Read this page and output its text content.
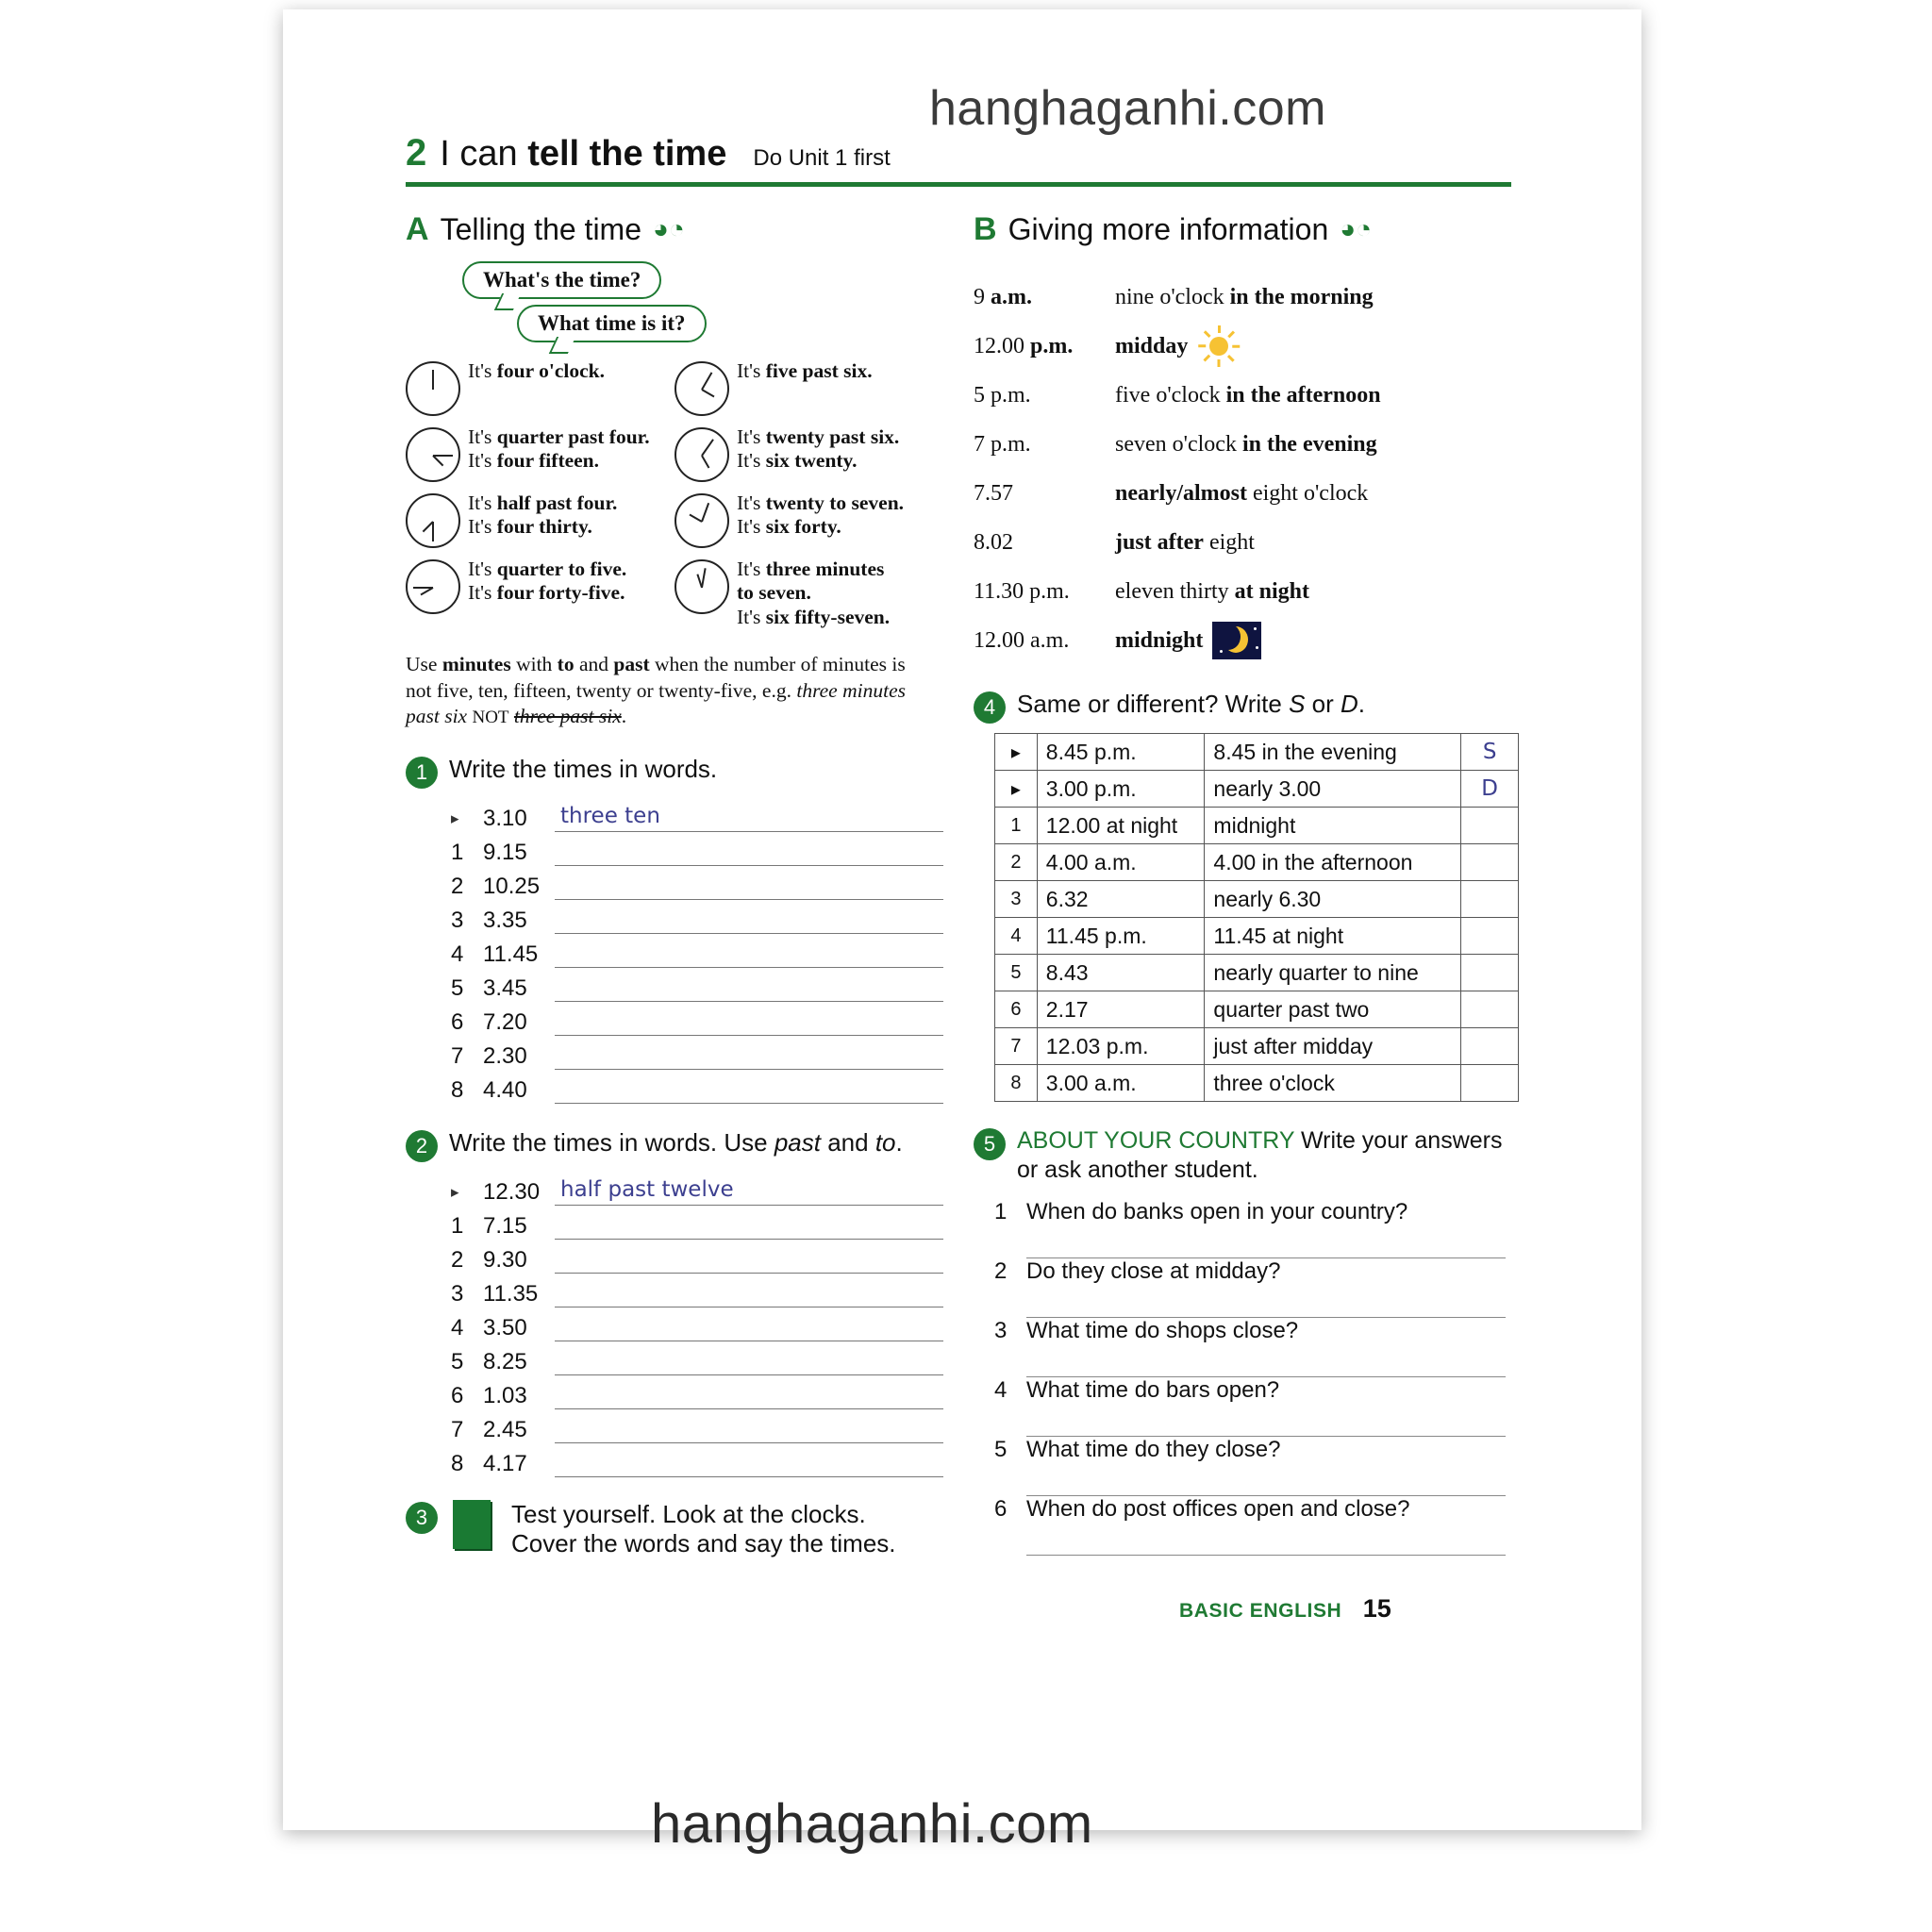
hanghaganhi.com
hanghaganhi.com
2 I can tell the time Do Unit 1 first
A Telling the time ◕◔
What's the time?
What time is it?
It's four o'clock.
It's quarter past four.
It's four fifteen.
It's half past four.
It's four thirty.
It's quarter to five.
It's four forty-five.
It's five past six.
It's twenty past six.
It's six twenty.
It's twenty to seven.
It's six forty.
It's three minutes
to seven.
It's six fifty-seven.
Use minutes with to and past when the number of minutes is not five, ten, fifteen, twenty or twenty-five, e.g. three minutes past six NOT three past six.
1 Write the times in words.
▸	3.10	three ten
1 9.15
2 10.25
3 3.35
4 11.45
5 3.45
6 7.20
7 2.30
8 4.40
2 Write the times in words. Use past and to.
▸	12.30 half past twelve
1 7.15
2 9.30
3 11.35
4 3.50
5 8.25
6 1.03
7 2.45
8 4.17
3	Test yourself. Look at the clocks.
Cover the words and say the times.
B Giving more information ◕◔
9 a.m.	nine o'clock in the morning
12.00 p.m.	midday
5 p.m.	five o'clock in the afternoon
7 p.m.	seven o'clock in the evening
7.57	nearly/almost eight o'clock
8.02	just after eight
11.30 p.m.	eleven thirty at night
12.00 a.m.	midnight
4 Same or different? Write S or D.
▸	8.45 p.m.	8.45 in the evening	S
▸	3.00 p.m.	nearly 3.00	D
1	12.00 at night	midnight	
2	4.00 a.m.	4.00 in the afternoon	
3	6.32	nearly 6.30	
4	11.45 p.m.	11.45 at night	
5	8.43	nearly quarter to nine	
6	2.17	quarter past two	
7	12.03 p.m.	just after midday	
8	3.00 a.m.	three o'clock	
5 ABOUT YOUR COUNTRY Write your answers or ask another student.
1 When do banks open in your country?
2 Do they close at midday?
3 What time do shops close?
4 What time do bars open?
5 What time do they close?
6 When do post offices open and close?
BASIC ENGLISH 15
